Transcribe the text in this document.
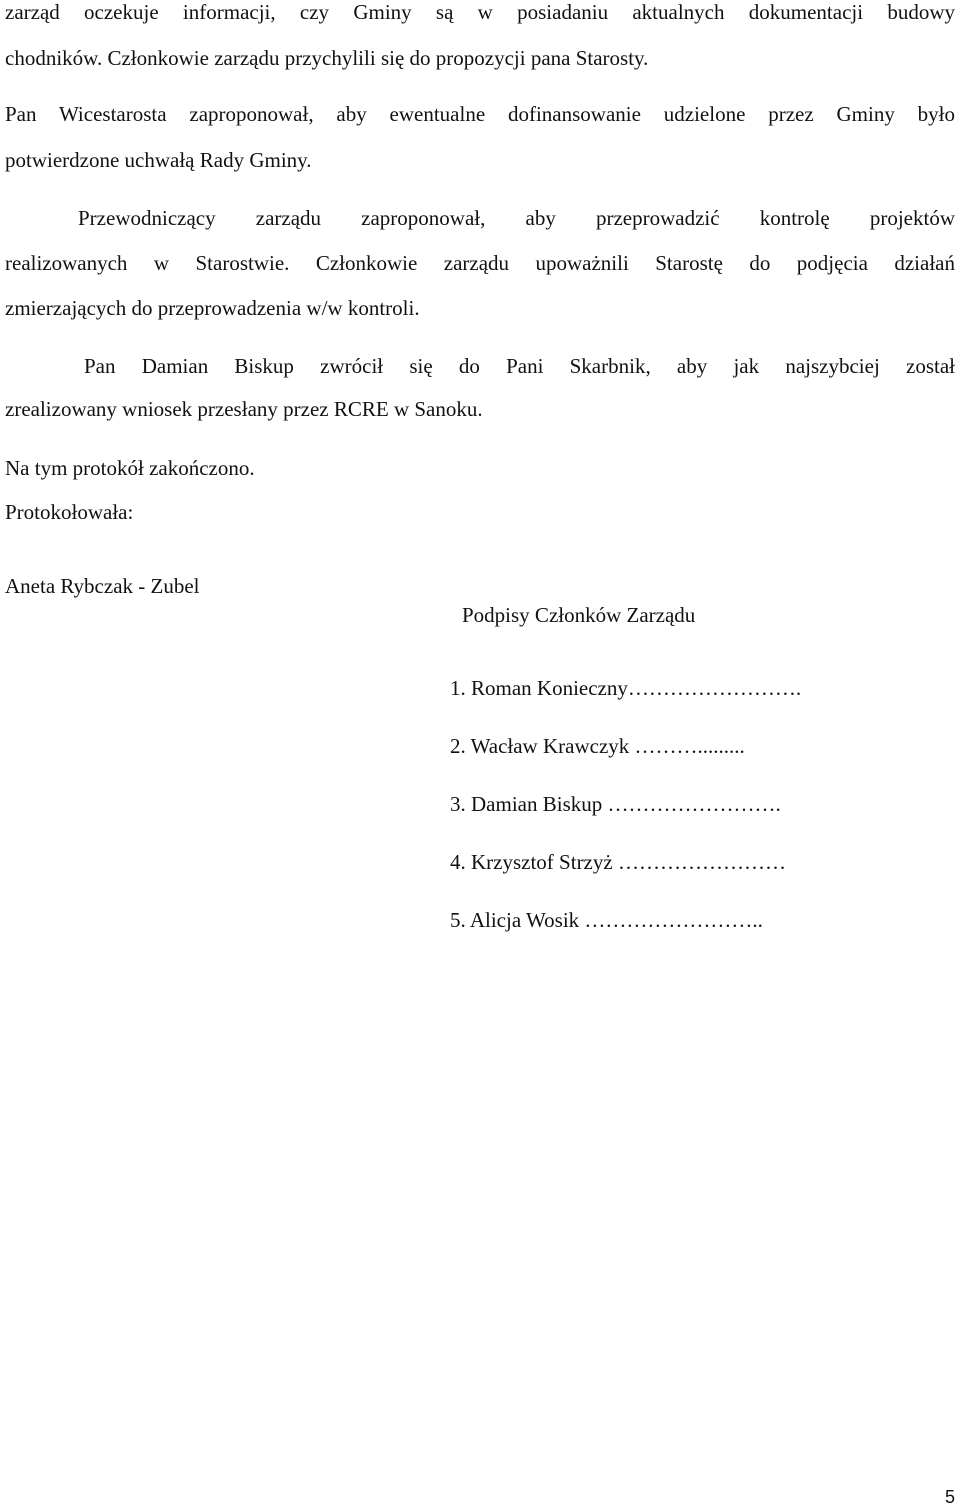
zarząd oczekuje informacji, czy Gminy są w posiadaniu aktualnych dokumentacji budowy
chodników. Członkowie zarządu przychylili się do propozycji pana Starosty.
Pan Wicestarosta zaproponował, aby ewentualne dofinansowanie udzielone przez Gminy było
potwierdzone uchwałą Rady Gminy.
Przewodniczący zarządu zaproponował, aby przeprowadzić kontrolę projektów
realizowanych w Starostwie. Członkowie zarządu upoważnili Starostę do podjęcia działań
zmierzających do przeprowadzenia w/w kontroli.
Pan Damian Biskup zwrócił się do Pani Skarbnik, aby jak najszybciej został
zrealizowany wniosek przesłany przez RCRE w Sanoku.
Na tym protokół zakończono.
Protokołowała:
Aneta Rybczak - Zubel
Podpisy Członków Zarządu
1. Roman Konieczny…………………….
2. Wacław Krawczyk ……….........
3. Damian Biskup …………………….
4. Krzysztof Strzyż ……………………
5. Alicja Wosik ……………………..
5
